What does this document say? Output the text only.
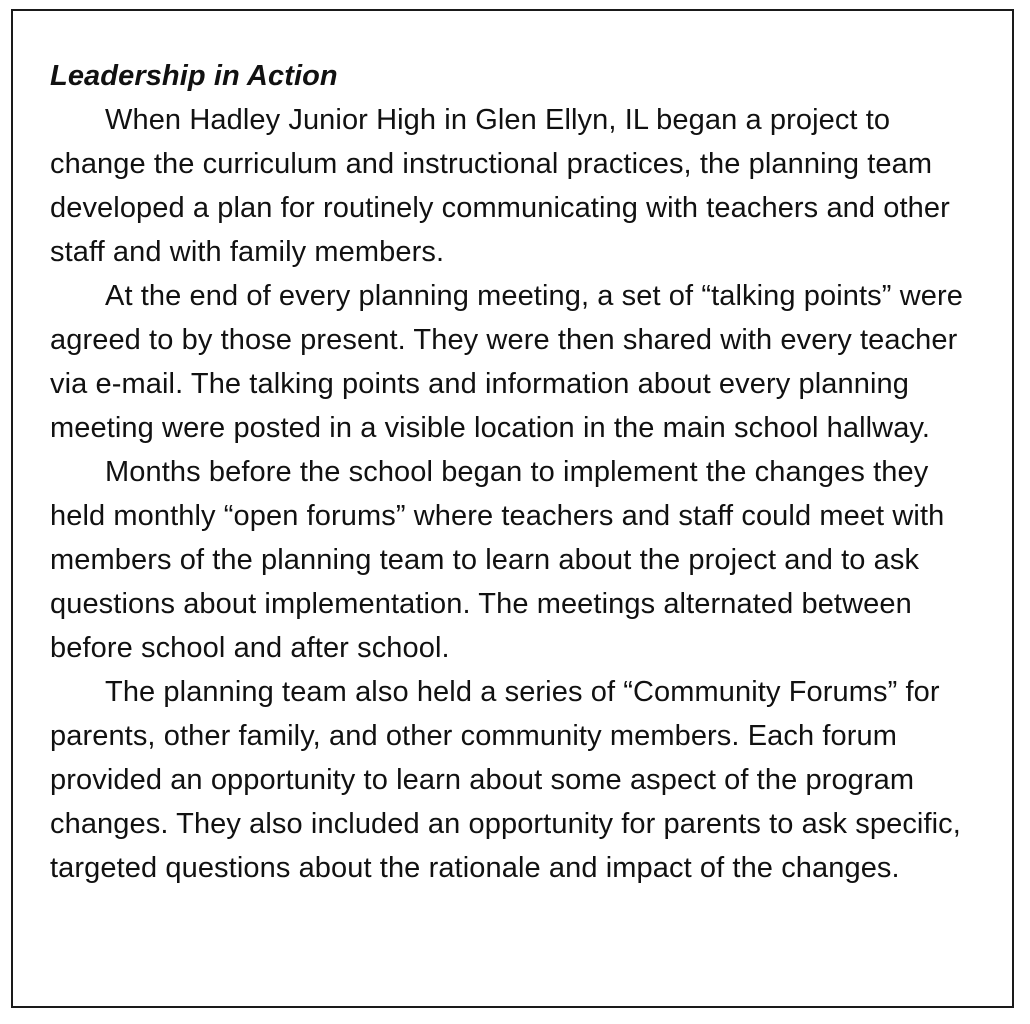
Leadership in Action

When Hadley Junior High in Glen Ellyn, IL began a project to change the curriculum and instructional practices, the planning team developed a plan for routinely communicating with teachers and other staff and with family members.

At the end of every planning meeting, a set of “talking points” were agreed to by those present. They were then shared with every teacher via e-mail. The talking points and information about every planning meeting were posted in a visible location in the main school hallway.

Months before the school began to implement the changes they held monthly “open forums” where teachers and staff could meet with members of the planning team to learn about the project and to ask questions about implementation. The meetings alternated between before school and after school.

The planning team also held a series of “Community Forums” for parents, other family, and other community members. Each forum provided an opportunity to learn about some aspect of the program changes. They also included an opportunity for parents to ask specific, targeted questions about the rationale and impact of the changes.
